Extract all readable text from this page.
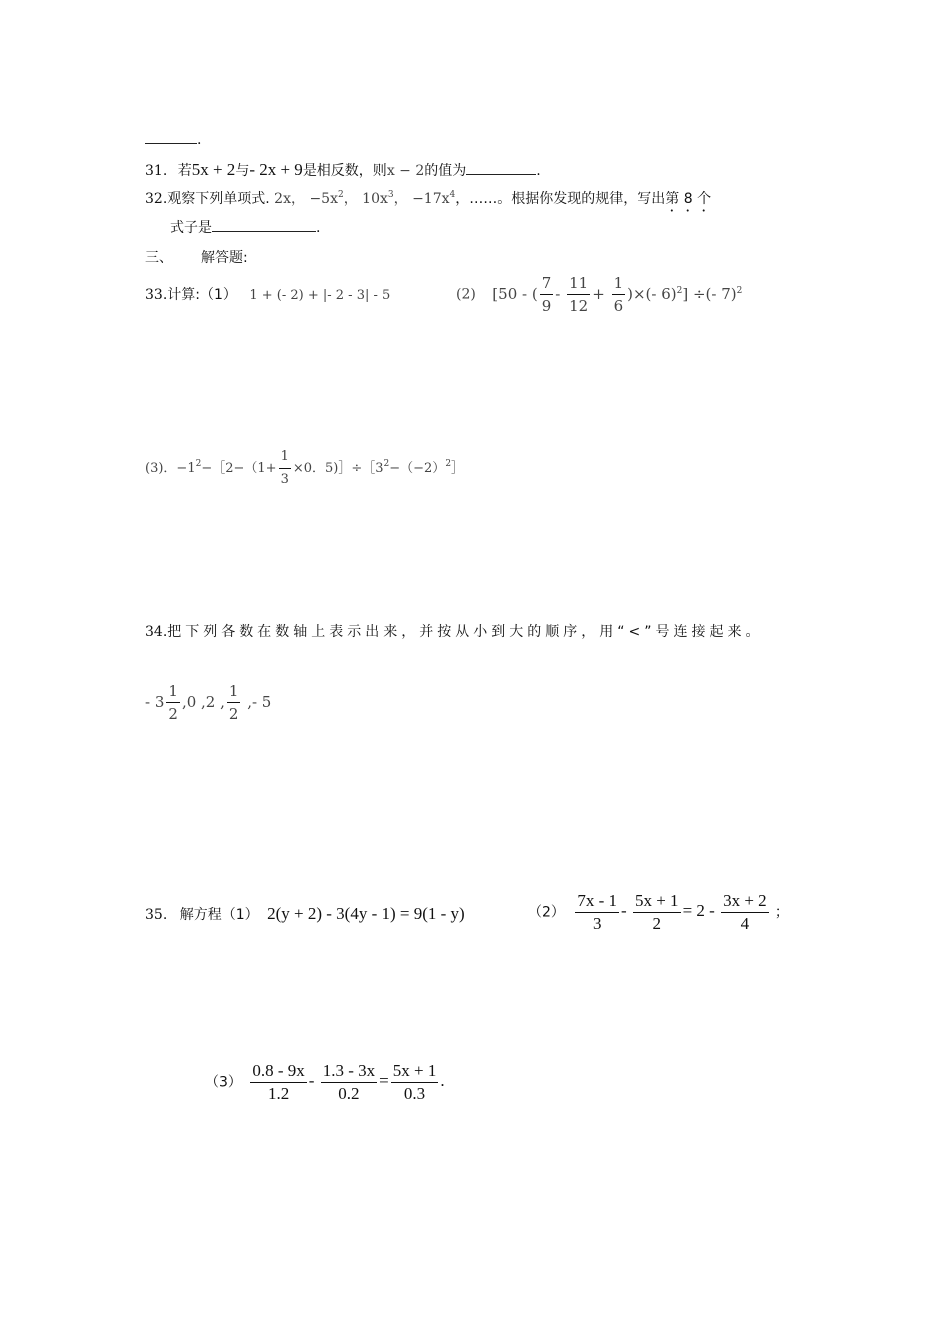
.
31. 若5x + 2与- 2x + 9是相反数，则x − 2的值为	.
32.观察下列单项式. 2x， $-5x^2$， $10x^3$， $-17x^4$，……。根据你发现的规律，写出第 8 个
式子是	.
三、 解答题:
33.计算:（1） 1 + (- 2) + |- 2 - 3| - 5	(2) [50 - ( $\frac{7}{9} - \frac{11}{12} + \frac{1}{6}$ )×(- 6)$^2$] ÷(- 7)$^2$
(3)．$-1^2-[2-(1+ \frac{1}{3} \times 0$．$5)]\div[3^2-(-2)^2]$
34.把下列各数在数轴上表示出来，并按从小到大的顺序，用“<”号连接起来。
- $3 \frac{1}{2} ,0$ ,2 , $\frac{1}{2}$ ,- 5
35. 解方程（1） 2(y + 2) - 3(4y - 1) = 9(1 - y)	$(2) \frac{7x - 1}{3} - \frac{5x + 1}{2} = 2 - \frac{3x + 2}{4}$ ；
$(3) \frac{0.8 - 9x}{1.2} - \frac{1.3 - 3x}{0.2} = \frac{5x + 1}{0.3}$ .
